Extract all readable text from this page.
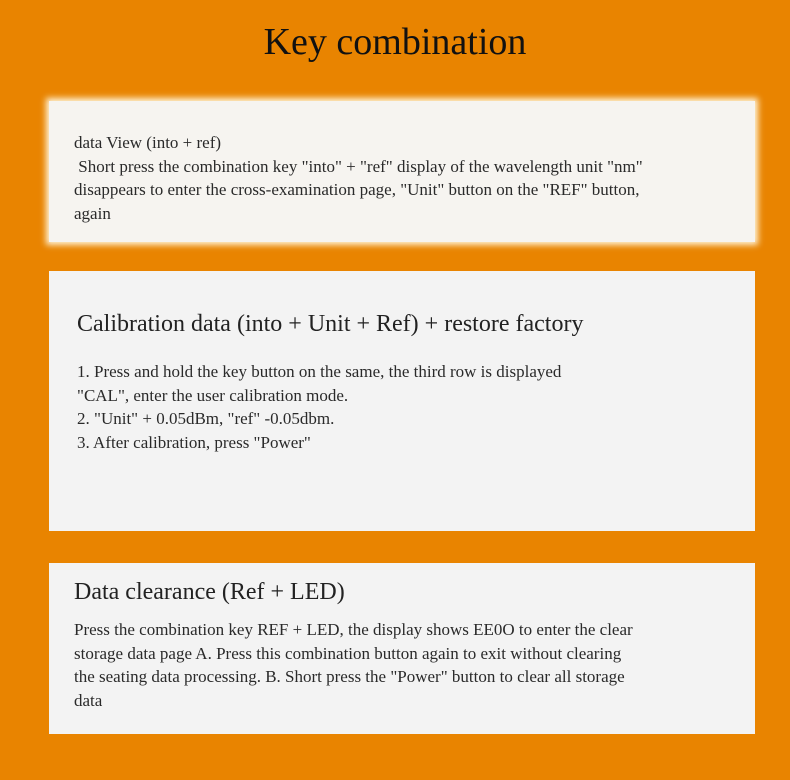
Key combination
data View (into + ref)
Short press the combination key "into" + "ref" display of the wavelength unit "nm"
disappears to enter the cross-examination page, "Unit" button on the "REF" button,
again
Calibration data (into + Unit + Ref) + restore factory
1. Press and hold the key button on the same, the third row is displayed
"CAL", enter the user calibration mode.
2. "Unit" + 0.05dBm, "ref" -0.05dbm.
3. After calibration, press "Power"
Data clearance (Ref + LED)
Press the combination key REF + LED, the display shows EE0O to enter the clear
storage data page A. Press this combination button again to exit without clearing
the seating data processing. B. Short press the "Power" button to clear all storage
data
